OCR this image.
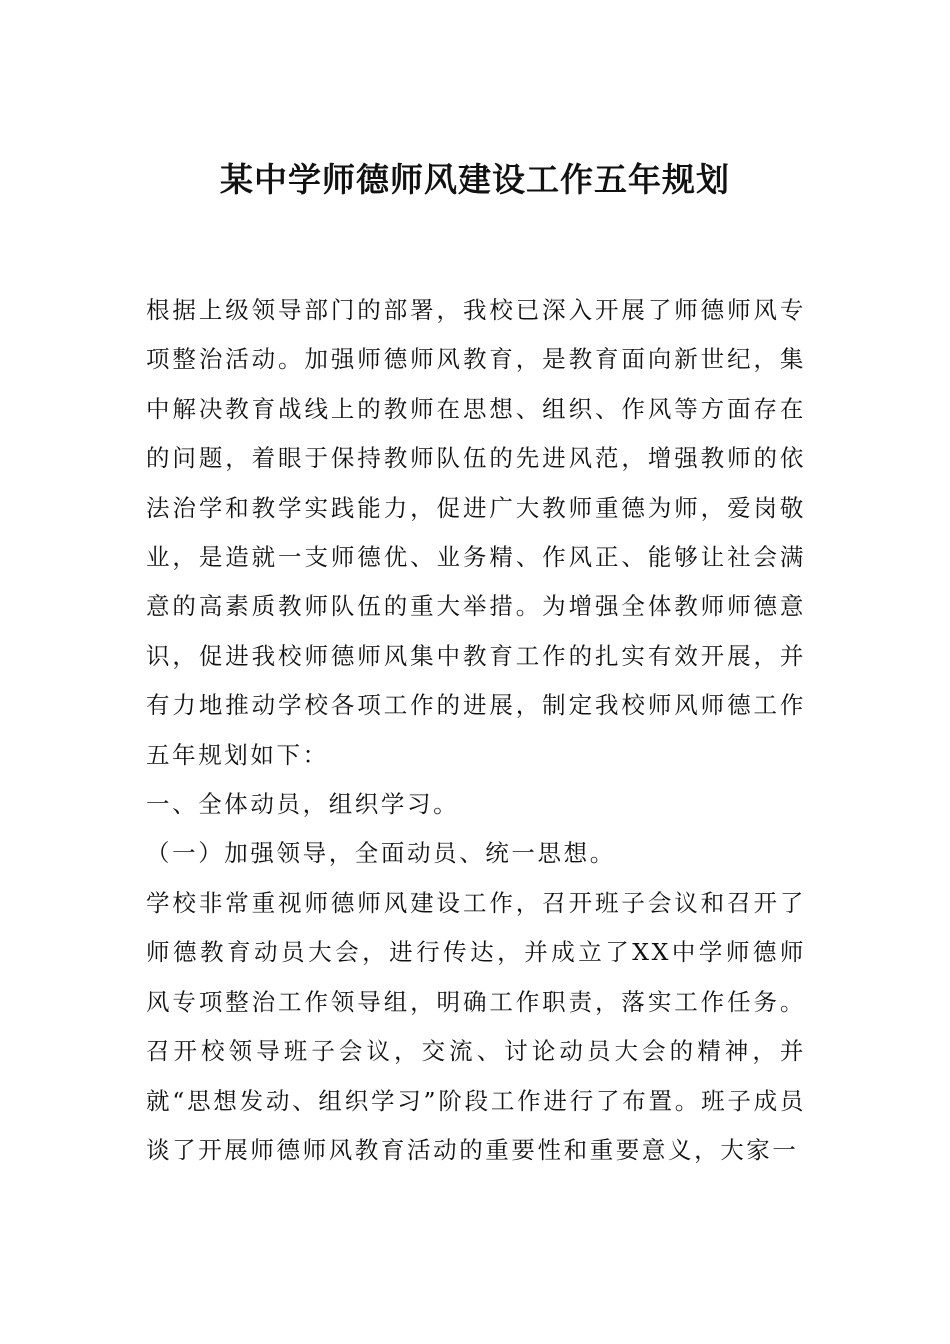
某中学师德师风建设工作五年规划

根据上级领导部门的部署，我校已深入开展了师德师风专项整治活动。加强师德师风教育，是教育面向新世纪，集中解决教育战线上的教师在思想、组织、作风等方面存在的问题，着眼于保持教师队伍的先进风范，增强教师的依法治学和教学实践能力，促进广大教师重德为师，爱岗敬业，是造就一支师德优、业务精、作风正、能够让社会满意的高素质教师队伍的重大举措。为增强全体教师师德意识，促进我校师德师风集中教育工作的扎实有效开展，并有力地推动学校各项工作的进展，制定我校师风师德工作五年规划如下：

一、全体动员，组织学习。

（一）加强领导，全面动员、统一思想。

学校非常重视师德师风建设工作，召开班子会议和召开了师德教育动员大会，进行传达，并成立了XX中学师德师风专项整治工作领导组，明确工作职责，落实工作任务。召开校领导班子会议，交流、讨论动员大会的精神，并就“思想发动、组织学习”阶段工作进行了布置。班子成员谈了开展师德师风教育活动的重要性和重要意义，大家一
